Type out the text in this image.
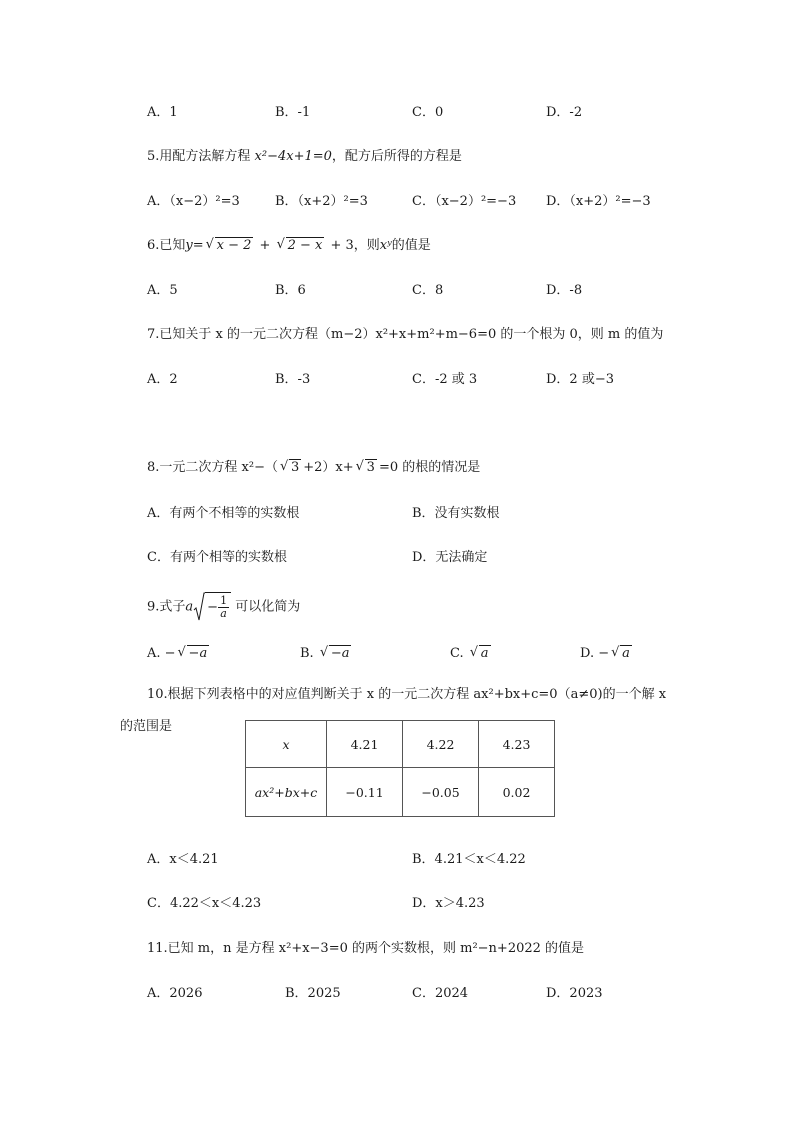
A．1	B．-1	C．0	D．-2
5.用配方法解方程 x²−4x+1=0，配方后所得的方程是
A．（x−2）²=3	B．（x+2）²=3	C．（x−2）²=−3 D．（x+2）²=−3
6.已知y= √ x − 2 + √ 2 − x + 3，则xʸ的值是
A．5	B．6	C．8	D．-8
7.已知关于 x 的一元二次方程（m−2）x²+x+m²+m−6=0 的一个根为 0，则 m 的值为
A．2	B．-3	C．-2 或 3	D．2 或−3
8.一元二次方程 x²−（ √ 3 +2）x+ √ 3 =0 的根的情况是
A．有两个不相等的实数根	B．没有实数根
C．有两个相等的实数根	D．无法确定
9.式子$a - \frac{1}{a}$ 可以化简为
A. − √ −a	B. √ −a	C. √ a	D. − √ a
10.根据下列表格中的对应值判断关于 x 的一元二次方程 ax²+bx+c=0（a≠0)的一个解 x
的范围是
x	4.21	4.22	4.23
ax²+bx+c	−0.11	−0.05	0.02
A．x＜4.21	B．4.21＜x＜4.22
C．4.22＜x＜4.23	D．x＞4.23
11.已知 m，n 是方程 x²+x−3=0 的两个实数根，则 m²−n+2022 的值是
A．2026	B．2025	C．2024	D．2023
